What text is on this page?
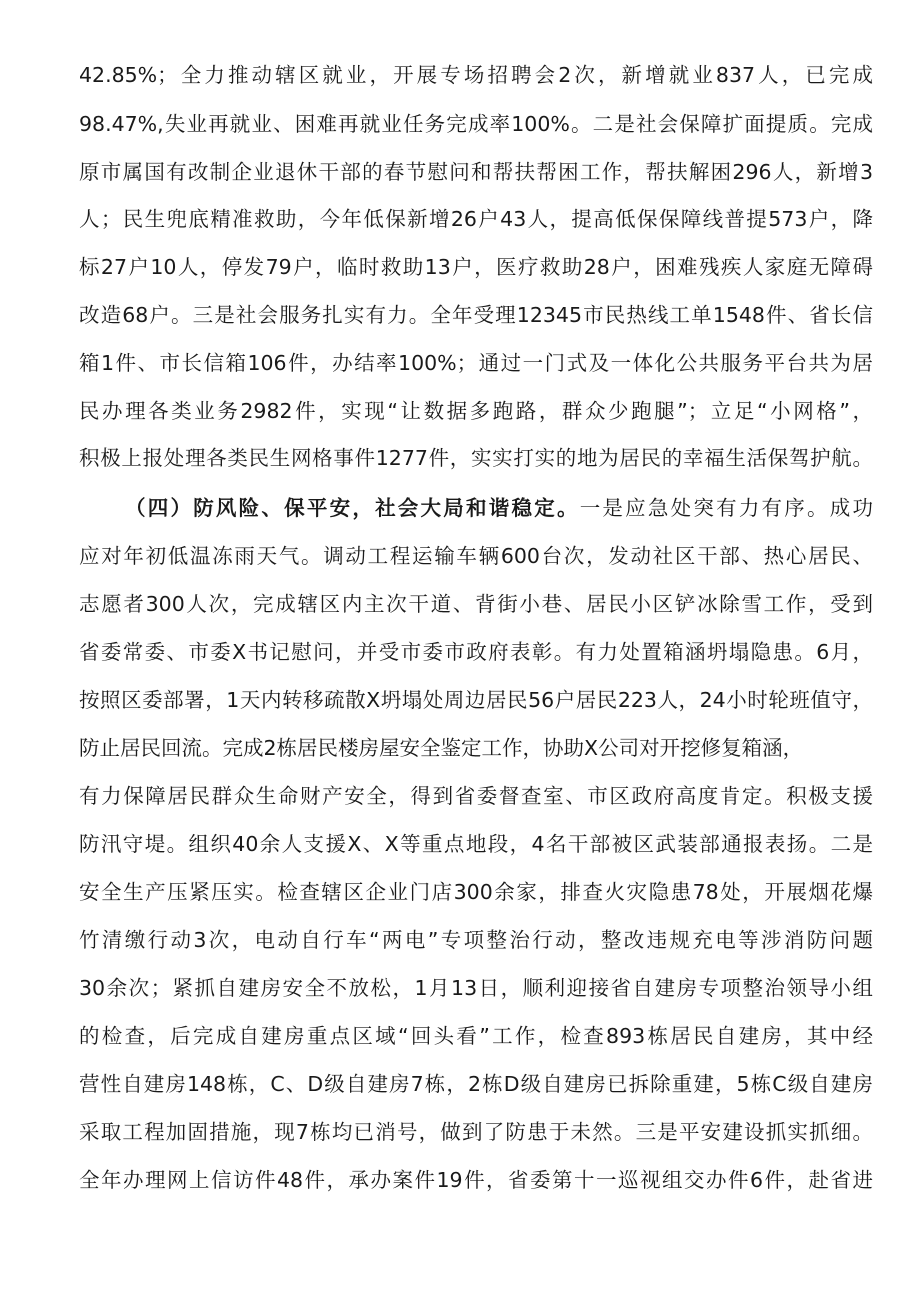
42.85%；全力推动辖区就业，开展专场招聘会2次，新增就业837人，已完成
98.47%,失业再就业、困难再就业任务完成率100%。二是社会保障扩面提质。完成
原市属国有改制企业退休干部的春节慰问和帮扶帮困工作，帮扶解困296人，新增3
人；民生兜底精准救助，今年低保新增26户43人，提高低保保障线普提573户，降
标27户10人，停发79户，临时救助13户，医疗救助28户，困难残疾人家庭无障碍
改造68户。三是社会服务扎实有力。全年受理12345市民热线工单1548件、省长信
箱1件、市长信箱106件，办结率100%；通过一门式及一体化公共服务平台共为居
民办理各类业务2982件，实现“让数据多跑路，群众少跑腿”；立足“小网格”，
积极上报处理各类民生网格事件1277件，实实打实的地为居民的幸福生活保驾护航。
（四）防风险、保平安，社会大局和谐稳定。一是应急处突有力有序。成功
应对年初低温冻雨天气。调动工程运输车辆600台次，发动社区干部、热心居民、
志愿者300人次，完成辖区内主次干道、背街小巷、居民小区铲冰除雪工作，受到
省委常委、市委X书记慰问，并受市委市政府表彰。有力处置箱涵坍塌隐患。6月，
按照区委部署，1天内转移疏散X坍塌处周边居民56户居民223人，24小时轮班值守，
防止居民回流。完成2栋居民楼房屋安全鉴定工作，协助X公司对开挖修复箱涵，
有力保障居民群众生命财产安全，得到省委督查室、市区政府高度肯定。积极支援
防汛守堤。组织40余人支援X、X等重点地段，4名干部被区武装部通报表扬。二是
安全生产压紧压实。检查辖区企业门店300余家，排查火灾隐患78处，开展烟花爆
竹清缴行动3次，电动自行车“两电”专项整治行动，整改违规充电等涉消防问题
30余次；紧抓自建房安全不放松，1月13日，顺利迎接省自建房专项整治领导小组
的检查，后完成自建房重点区域“回头看”工作，检查893栋居民自建房，其中经
营性自建房148栋，C、D级自建房7栋，2栋D级自建房已拆除重建，5栋C级自建房
采取工程加固措施，现7栋均已消号，做到了防患于未然。三是平安建设抓实抓细。
全年办理网上信访件48件，承办案件19件，省委第十一巡视组交办件6件，赴省进
